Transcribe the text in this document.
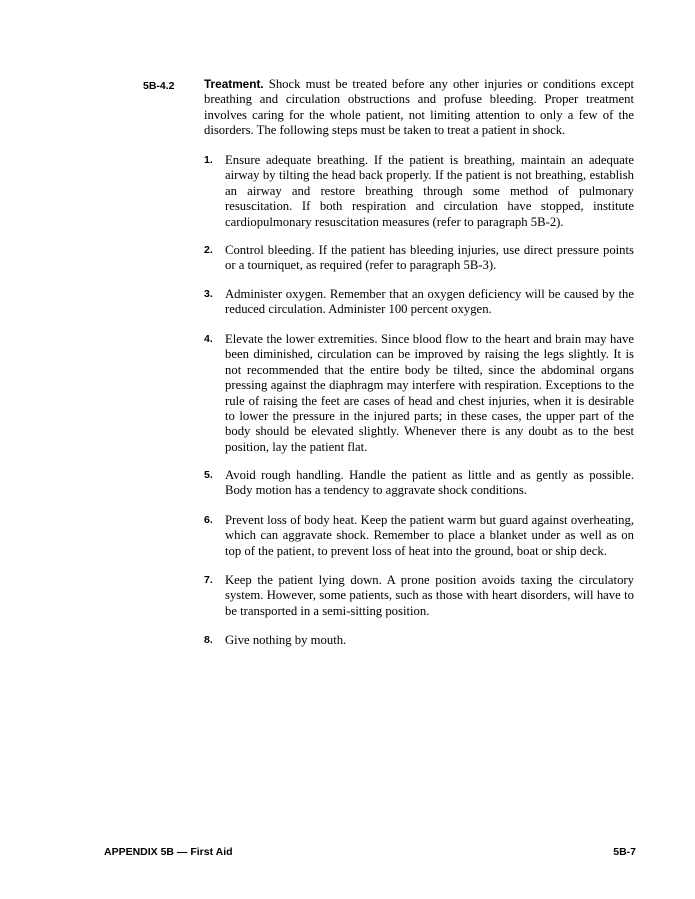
5B-4.2 Treatment. Shock must be treated before any other injuries or conditions except breathing and circulation obstructions and profuse bleeding. Proper treatment involves caring for the whole patient, not limiting attention to only a few of the disorders. The following steps must be taken to treat a patient in shock.

1. Ensure adequate breathing. If the patient is breathing, maintain an adequate airway by tilting the head back properly. If the patient is not breathing, establish an airway and restore breathing through some method of pulmonary resuscitation. If both respiration and circulation have stopped, institute cardiopulmonary resuscitation measures (refer to paragraph 5B-2).
2. Control bleeding. If the patient has bleeding injuries, use direct pressure points or a tourniquet, as required (refer to paragraph 5B-3).
3. Administer oxygen. Remember that an oxygen deficiency will be caused by the reduced circulation. Administer 100 percent oxygen.
4. Elevate the lower extremities. Since blood flow to the heart and brain may have been diminished, circulation can be improved by raising the legs slightly. It is not recommended that the entire body be tilted, since the abdominal organs pressing against the diaphragm may interfere with respiration. Exceptions to the rule of raising the feet are cases of head and chest injuries, when it is desirable to lower the pressure in the injured parts; in these cases, the upper part of the body should be elevated slightly. Whenever there is any doubt as to the best position, lay the patient flat.
5. Avoid rough handling. Handle the patient as little and as gently as possible. Body motion has a tendency to aggravate shock conditions.
6. Prevent loss of body heat. Keep the patient warm but guard against overheating, which can aggravate shock. Remember to place a blanket under as well as on top of the patient, to prevent loss of heat into the ground, boat or ship deck.
7. Keep the patient lying down. A prone position avoids taxing the circulatory system. However, some patients, such as those with heart disorders, will have to be transported in a semi-sitting position.
8. Give nothing by mouth.
APPENDIX 5B — First Aid	5B-7
